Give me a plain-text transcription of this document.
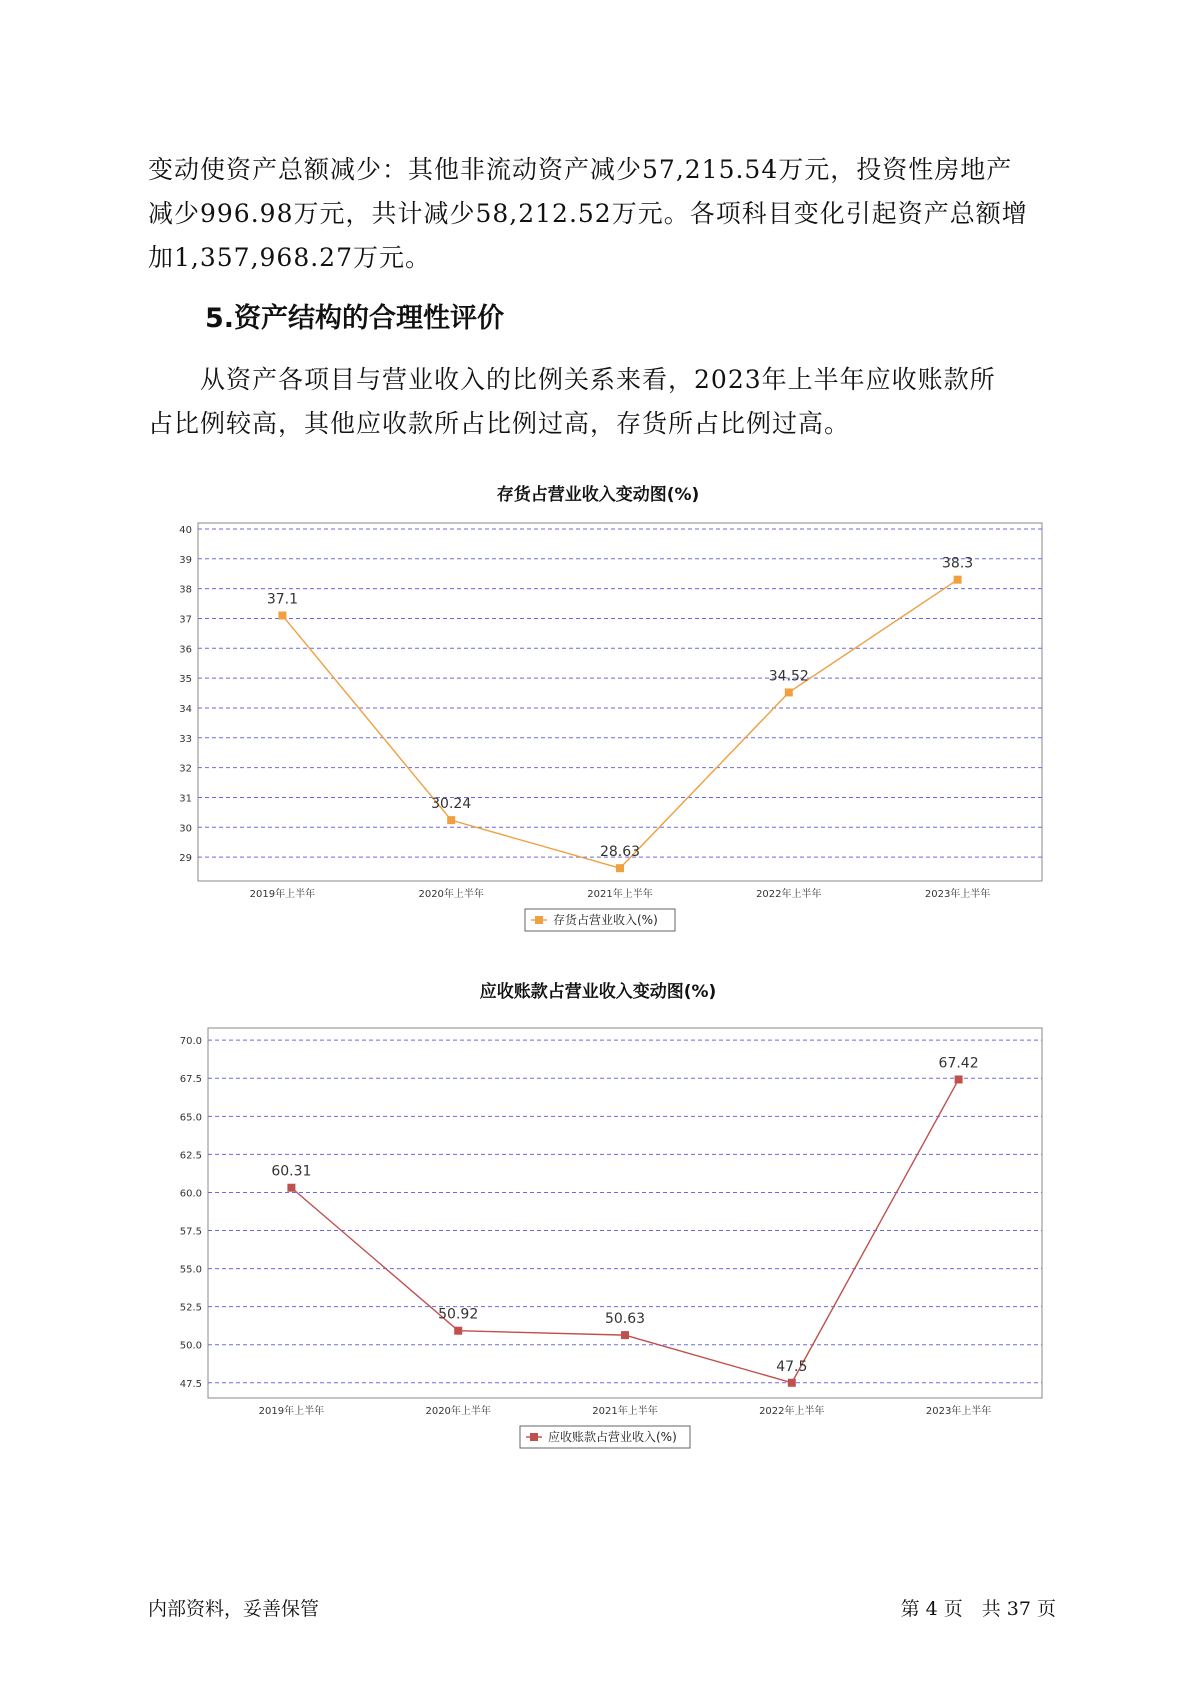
变动使资产总额减少：其他非流动资产减少57,215.54万元，投资性房地产

减少996.98万元，共计减少58,212.52万元。各项科目变化引起资产总额增

加1,357,968.27万元。

5.资产结构的合理性评价

　　从资产各项目与营业收入的比例关系来看，2023年上半年应收账款所

占比例较高，其他应收款所占比例过高，存货所占比例过高。

存货占营业收入变动图(%)
29
30
31
32
33
34
35
36
37
38
39
40
2019年上半年	2020年上半年	2021年上半年	2022年上半年	2023年上半年
37.1
30.24
28.63
34.52
38.3
存货占营业收入(%)
应收账款占营业收入变动图(%)
47.5
50.0
52.5
55.0
57.5
60.0
62.5
65.0
67.5
70.0
2019年上半年	2020年上半年	2021年上半年	2022年上半年	2023年上半年
60.31
50.92	50.63
47.5
67.42
应收账款占营业收入(%)
内部资料，妥善保管	第 4 页　共 37 页
